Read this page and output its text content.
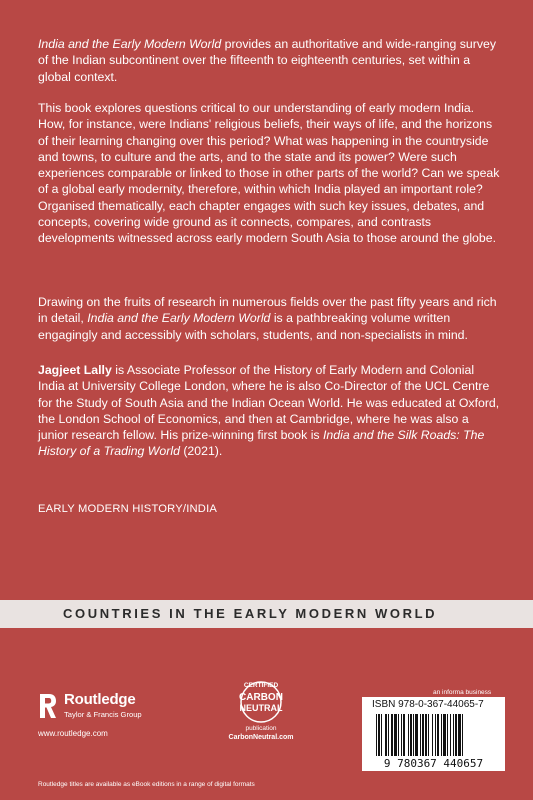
India and the Early Modern World provides an authoritative and wide-ranging survey of the Indian subcontinent over the fifteenth to eighteenth centuries, set within a global context.

This book explores questions critical to our understanding of early modern India. How, for instance, were Indians' religious beliefs, their ways of life, and the horizons of their learning changing over this period? What was happening in the countryside and towns, to culture and the arts, and to the state and its power? Were such experiences comparable or linked to those in other parts of the world? Can we speak of a global early modernity, therefore, within which India played an important role? Organised thematically, each chapter engages with such key issues, debates, and concepts, covering wide ground as it connects, compares, and contrasts developments witnessed across early modern South Asia to those around the globe.

Drawing on the fruits of research in numerous fields over the past fifty years and rich in detail, India and the Early Modern World is a pathbreaking volume written engagingly and accessibly with scholars, students, and non-specialists in mind.

Jagjeet Lally is Associate Professor of the History of Early Modern and Colonial India at University College London, where he is also Co-Director of the UCL Centre for the Study of South Asia and the Indian Ocean World. He was educated at Oxford, the London School of Economics, and then at Cambridge, where he was also a junior research fellow. His prize-winning first book is India and the Silk Roads: The History of a Trading World (2021).

EARLY MODERN HISTORY/INDIA

COUNTRIES IN THE EARLY MODERN WORLD
Routledge
Taylor & Francis Group
www.routledge.com
CERTIFIED
CARBON
NEUTRAL
publication
CarbonNeutral.com
an informa business
ISBN 978-0-367-44065-7
9 780367 440657
Routledge titles are available as eBook editions in a range of digital formats
